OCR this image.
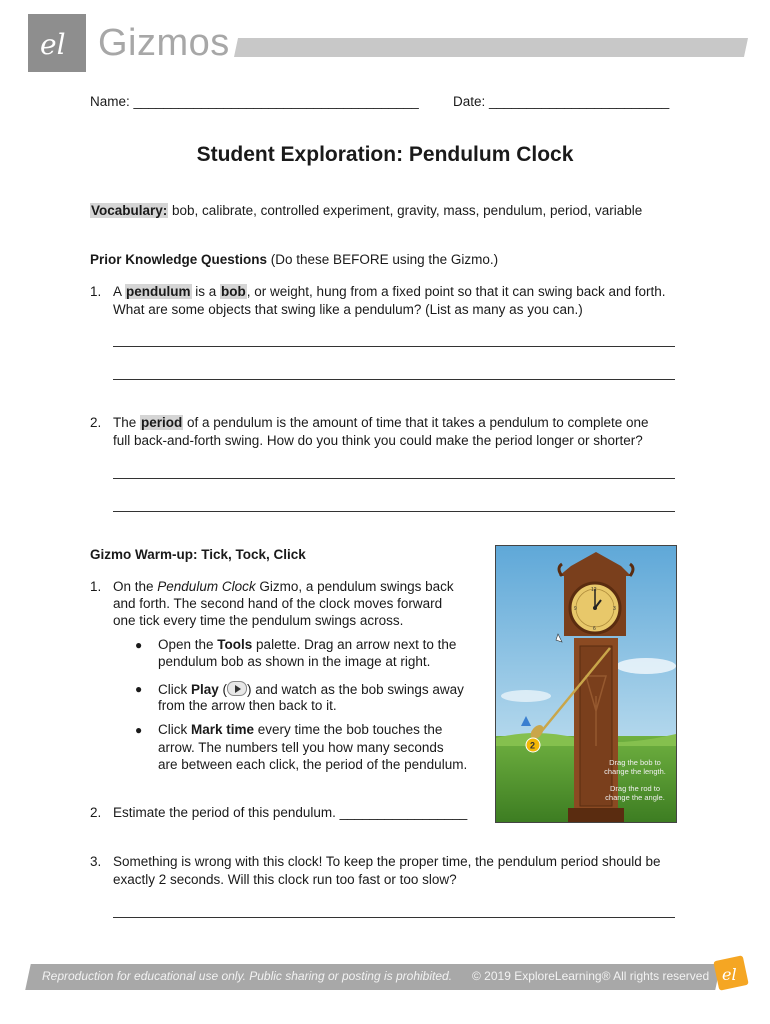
el Gizmos
Name: ______________________________________	Date: ________________________
Student Exploration: Pendulum Clock
Vocabulary: bob, calibrate, controlled experiment, gravity, mass, pendulum, period, variable
Prior Knowledge Questions (Do these BEFORE using the Gizmo.)
1. A pendulum is a bob, or weight, hung from a fixed point so that it can swing back and forth.
What are some objects that swing like a pendulum? (List as many as you can.)
2. The period of a pendulum is the amount of time that it takes a pendulum to complete one
full back-and-forth swing. How do you think you could make the period longer or shorter?
Gizmo Warm-up: Tick, Tock, Click
1. On the Pendulum Clock Gizmo, a pendulum swings back
and forth. The second hand of the clock moves forward
one tick every time the pendulum swings across.
● Open the Tools palette. Drag an arrow next to the
pendulum bob as shown in the image at right.
● Click Play ( ) and watch as the bob swings away
from the arrow then back to it.
● Click Mark time every time the bob touches the
arrow. The numbers tell you how many seconds
are between each click, the period of the pendulum.
2. Estimate the period of this pendulum. _________________
3. Something is wrong with this clock! To keep the proper time, the pendulum period should be
exactly 2 seconds. Will this clock run too fast or too slow?
12
3
6
9
2
Drag the bob to change the length.
Drag the rod to change the angle.
Reproduction for educational use only. Public sharing or posting is prohibited. © 2019 ExploreLearning® All rights reserved el
